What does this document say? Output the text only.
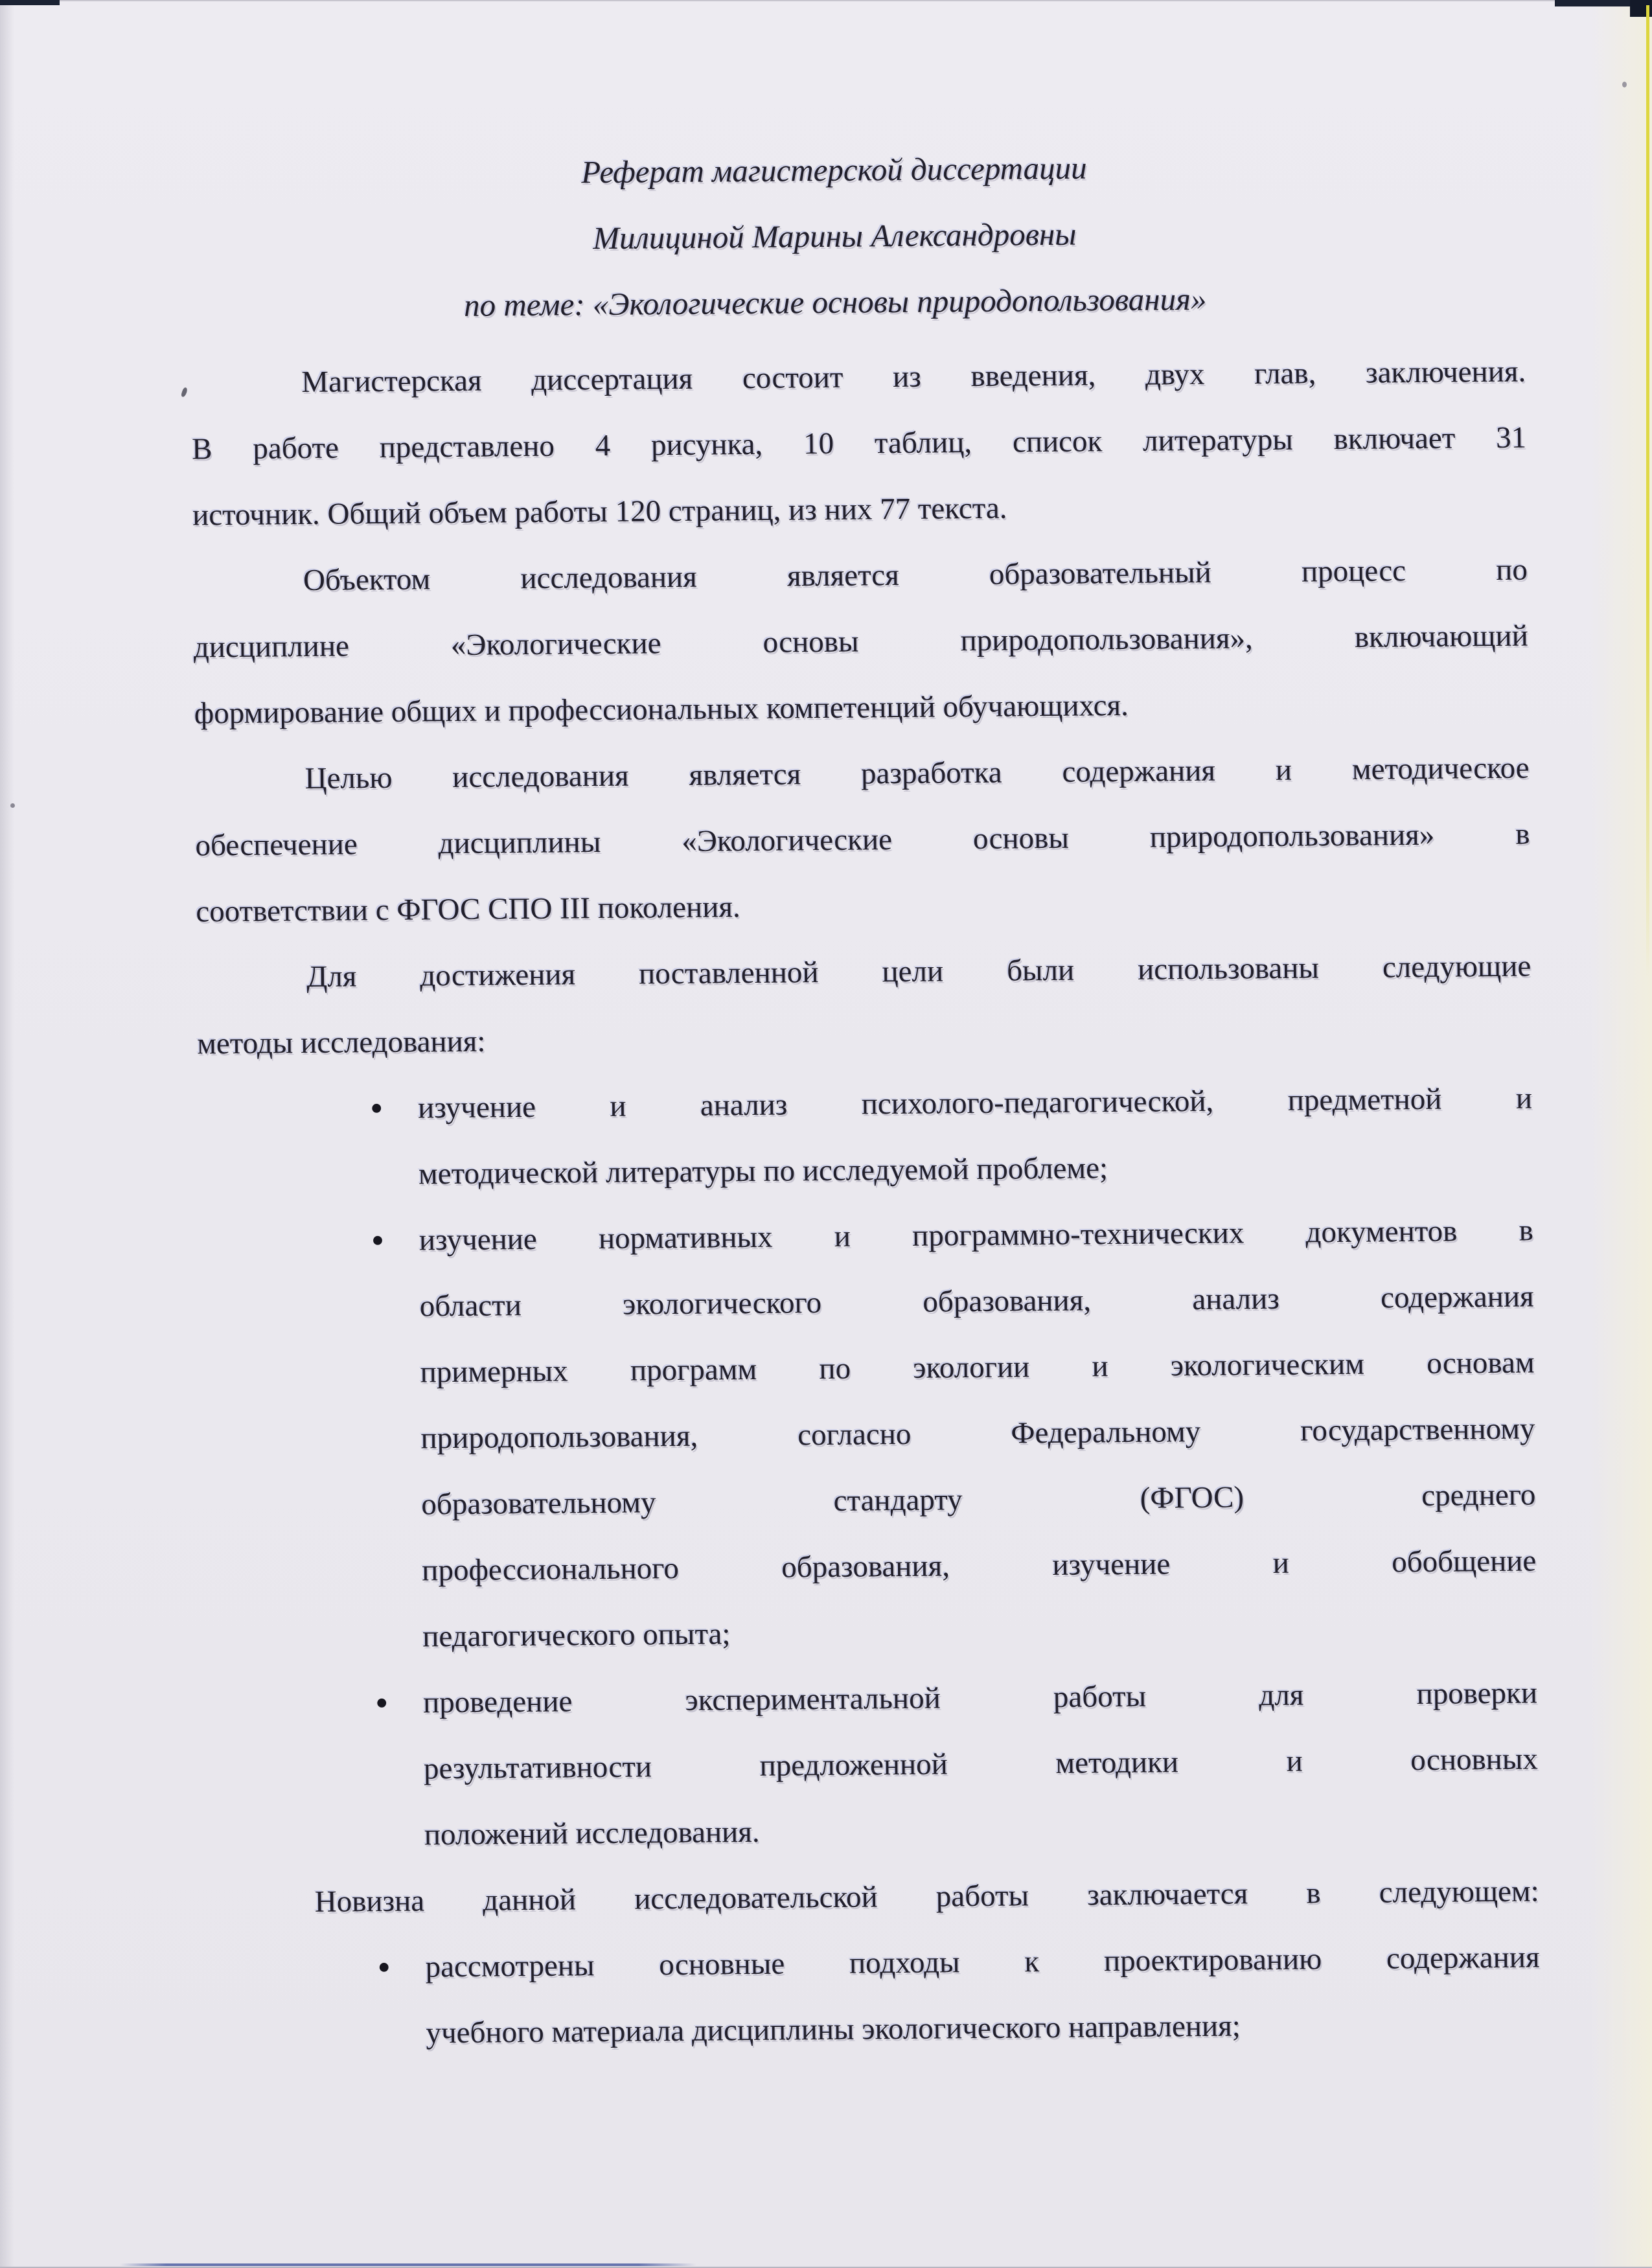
Реферат магистерской диссертации
Милициной Марины Александровны
по теме: «Экологические основы природопользования»
Магистерская диссертация состоит из введения, двух глав, заключения.
В работе представлено 4 рисунка, 10 таблиц, список литературы включает 31
источник. Общий объем работы 120 страниц, из них 77 текста.
Объектом исследования является образовательный процесс по
дисциплине «Экологические основы природопользования», включающий
формирование общих и профессиональных компетенций обучающихся.
Целью исследования является разработка содержания и методическое
обеспечение дисциплины «Экологические основы природопользования» в
соответствии с ФГОС СПО III поколения.
Для достижения поставленной цели были использованы следующие
методы исследования:
• изучение и анализ психолого-педагогической, предметной и
методической литературы по исследуемой проблеме;
• изучение нормативных и программно-технических документов в
области экологического образования, анализ содержания
примерных программ по экологии и экологическим основам
природопользования, согласно Федеральному государственному
образовательному стандарту (ФГОС) среднего
профессионального образования, изучение и обобщение
педагогического опыта;
• проведение экспериментальной работы для проверки
результативности предложенной методики и основных
положений исследования.
Новизна данной исследовательской работы заключается в следующем:
• рассмотрены основные подходы к проектированию содержания
учебного материала дисциплины экологического направления;
